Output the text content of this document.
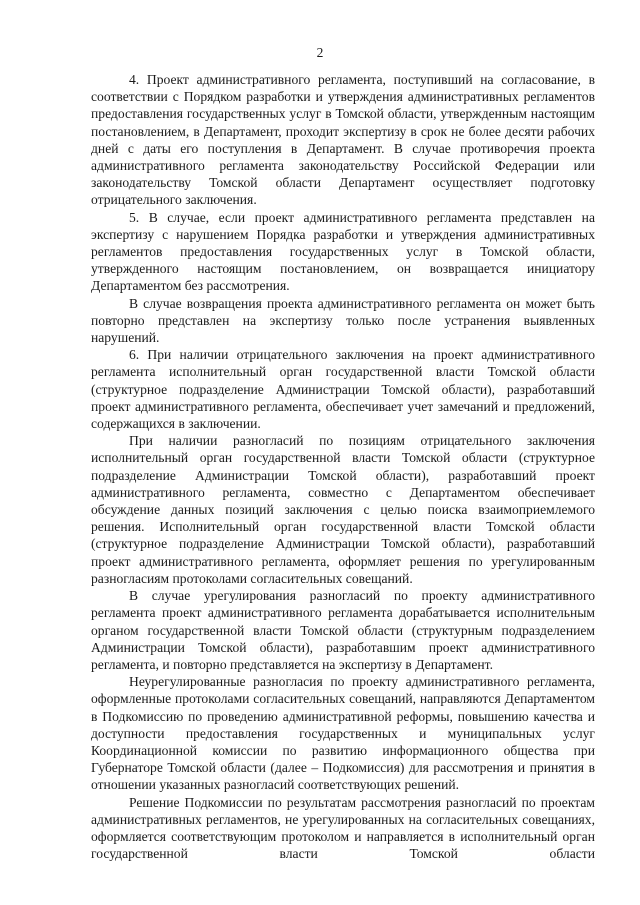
2

4. Проект административного регламента, поступивший на согласование, в соответствии с Порядком разработки и утверждения административных регламентов предоставления государственных услуг в Томской области, утвержденным настоящим постановлением, в Департамент, проходит экспертизу в срок не более десяти рабочих дней с даты его поступления в Департамент. В случае противоречия проекта административного регламента законодательству Российской Федерации или законодательству Томской области Департамент осуществляет подготовку отрицательного заключения.

5. В случае, если проект административного регламента представлен на экспертизу с нарушением Порядка разработки и утверждения административных регламентов предоставления государственных услуг в Томской области, утвержденного настоящим постановлением, он возвращается инициатору Департаментом без рассмотрения.

В случае возвращения проекта административного регламента он может быть повторно представлен на экспертизу только после устранения выявленных нарушений.

6. При наличии отрицательного заключения на проект административного регламента исполнительный орган государственной власти Томской области (структурное подразделение Администрации Томской области), разработавший проект административного регламента, обеспечивает учет замечаний и предложений, содержащихся в заключении.

При наличии разногласий по позициям отрицательного заключения исполнительный орган государственной власти Томской области (структурное подразделение Администрации Томской области), разработавший проект административного регламента, совместно с Департаментом обеспечивает обсуждение данных позиций заключения с целью поиска взаимоприемлемого решения. Исполнительный орган государственной власти Томской области (структурное подразделение Администрации Томской области), разработавший проект административного регламента, оформляет решения по урегулированным разногласиям протоколами согласительных совещаний.

В случае урегулирования разногласий по проекту административного регламента проект административного регламента дорабатывается исполнительным органом государственной власти Томской области (структурным подразделением Администрации Томской области), разработавшим проект административного регламента, и повторно представляется на экспертизу в Департамент.

Неурегулированные разногласия по проекту административного регламента, оформленные протоколами согласительных совещаний, направляются Департаментом в Подкомиссию по проведению административной реформы, повышению качества и доступности предоставления государственных и муниципальных услуг Координационной комиссии по развитию информационного общества при Губернаторе Томской области (далее – Подкомиссия) для рассмотрения и принятия в отношении указанных разногласий соответствующих решений.

Решение Подкомиссии по результатам рассмотрения разногласий по проектам административных регламентов, не урегулированных на согласительных совещаниях, оформляется соответствующим протоколом и направляется в исполнительный орган государственной власти Томской области
